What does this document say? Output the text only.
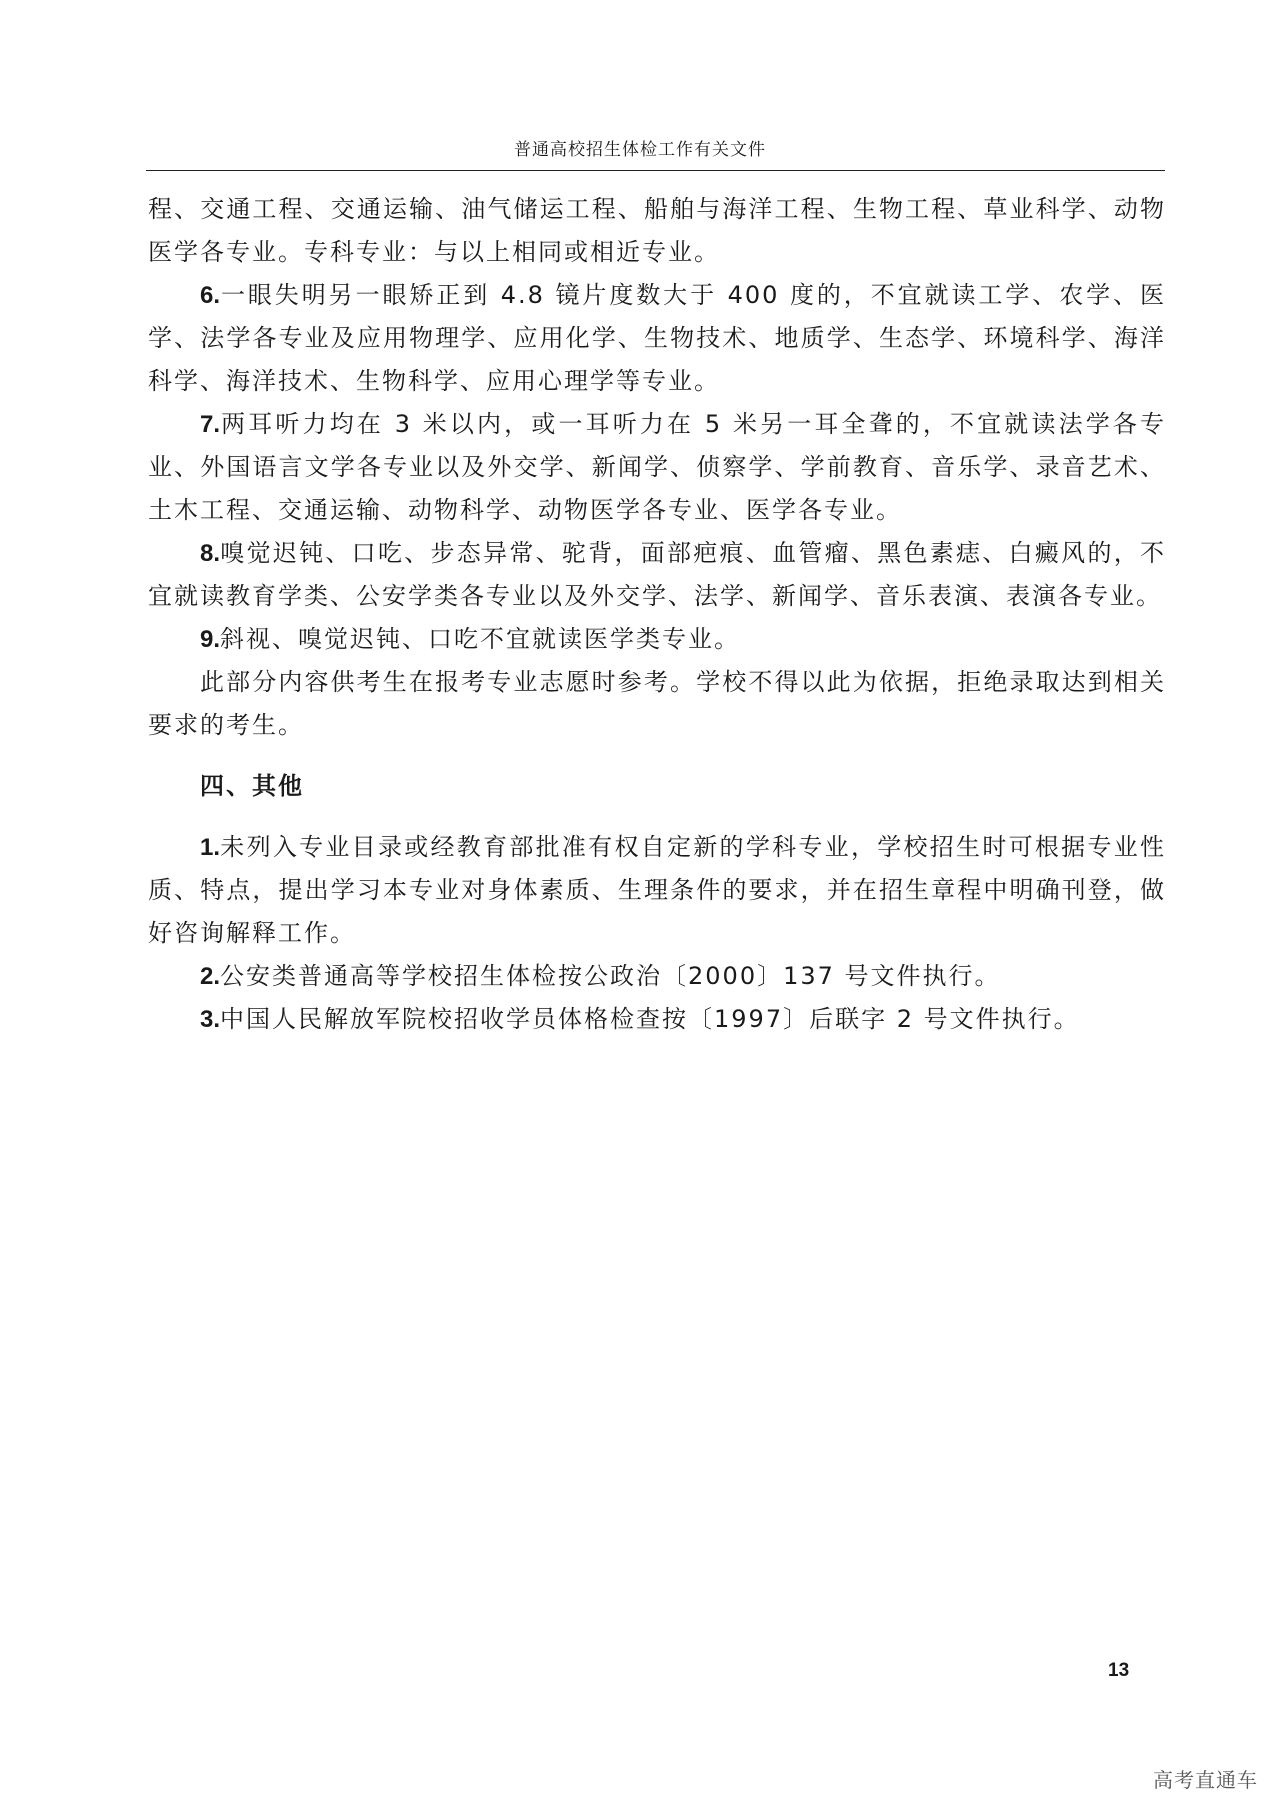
普通高校招生体检工作有关文件

程、交通工程、交通运输、油气储运工程、船舶与海洋工程、生物工程、草业科学、动物医学各专业。专科专业：与以上相同或相近专业。

6.一眼失明另一眼矫正到 4.8 镜片度数大于 400 度的，不宜就读工学、农学、医学、法学各专业及应用物理学、应用化学、生物技术、地质学、生态学、环境科学、海洋科学、海洋技术、生物科学、应用心理学等专业。

7.两耳听力均在 3 米以内，或一耳听力在 5 米另一耳全聋的，不宜就读法学各专业、外国语言文学各专业以及外交学、新闻学、侦察学、学前教育、音乐学、录音艺术、土木工程、交通运输、动物科学、动物医学各专业、医学各专业。

8.嗅觉迟钝、口吃、步态异常、驼背，面部疤痕、血管瘤、黑色素痣、白癜风的，不宜就读教育学类、公安学类各专业以及外交学、法学、新闻学、音乐表演、表演各专业。

9.斜视、嗅觉迟钝、口吃不宜就读医学类专业。

此部分内容供考生在报考专业志愿时参考。学校不得以此为依据，拒绝录取达到相关要求的考生。

四、其他

1.未列入专业目录或经教育部批准有权自定新的学科专业，学校招生时可根据专业性质、特点，提出学习本专业对身体素质、生理条件的要求，并在招生章程中明确刊登，做好咨询解释工作。

2.公安类普通高等学校招生体检按公政治〔2000〕137 号文件执行。

3.中国人民解放军院校招收学员体格检查按〔1997〕后联字 2 号文件执行。

13
高考直通车
